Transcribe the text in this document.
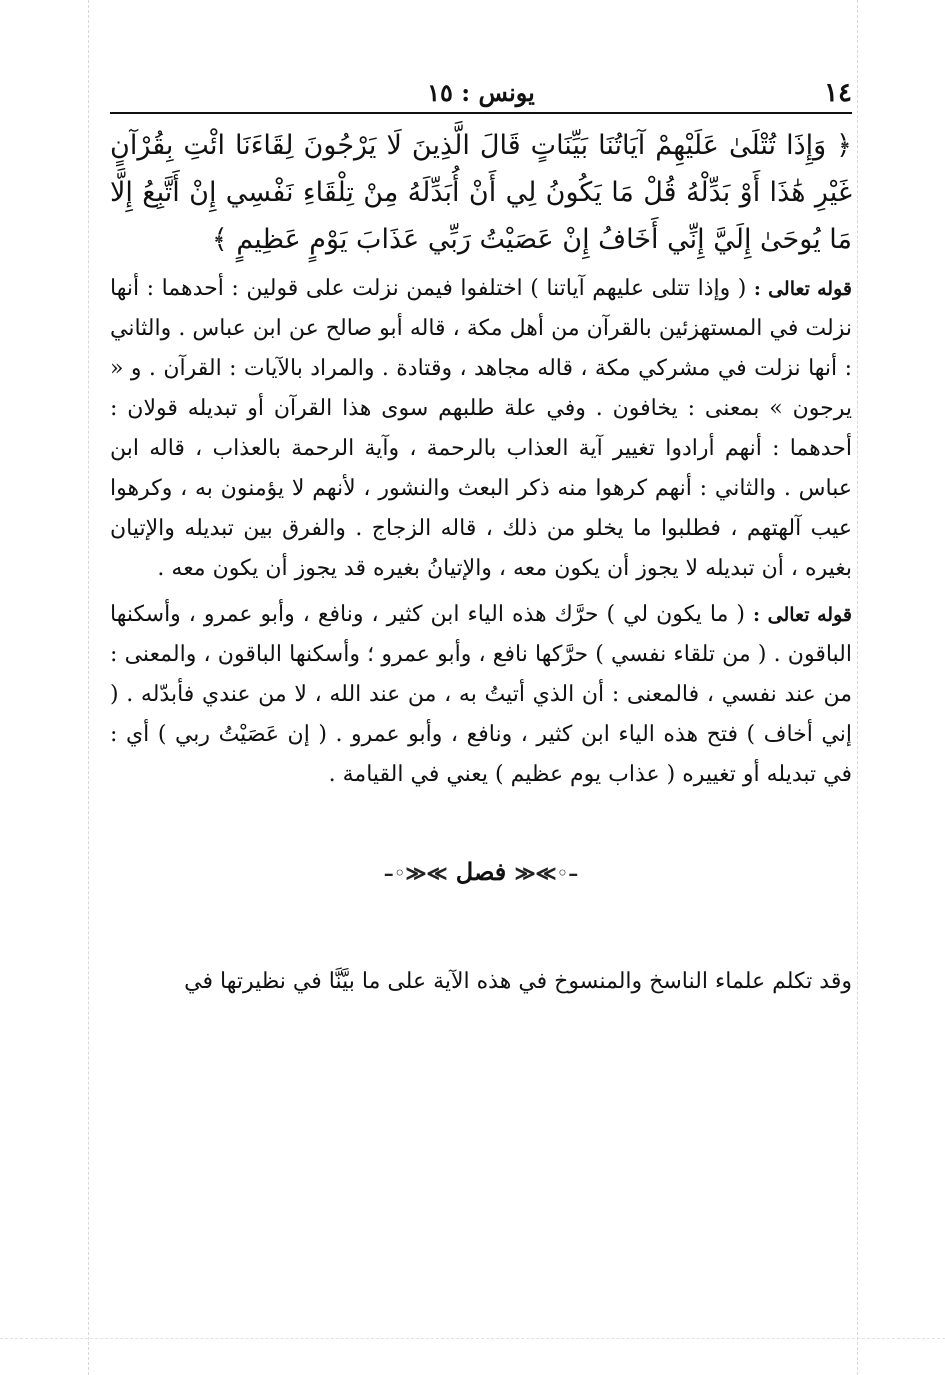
١٤
يونس : ١٥

﴿ وَإِذَا تُتْلَىٰ عَلَيْهِمْ آيَاتُنَا بَيِّنَاتٍ قَالَ الَّذِينَ لَا يَرْجُونَ لِقَاءَنَا ائْتِ بِقُرْآنٍ غَيْرِ هَٰذَا أَوْ بَدِّلْهُ قُلْ مَا يَكُونُ لِي أَنْ أُبَدِّلَهُ مِنْ تِلْقَاءِ نَفْسِي إِنْ أَتَّبِعُ إِلَّا مَا يُوحَىٰ إِلَيَّ إِنِّي أَخَافُ إِنْ عَصَيْتُ رَبِّي عَذَابَ يَوْمٍ عَظِيمٍ ﴾

قوله تعالى : ( وإذا تتلى عليهم آياتنا ) اختلفوا فيمن نزلت على قولين : أحدهما : أنها نزلت في المستهزئين بالقرآن من أهل مكة ، قاله أبو صالح عن ابن عباس . والثاني : أنها نزلت في مشركي مكة ، قاله مجاهد ، وقتادة . والمراد بالآيات : القرآن . و « يرجون » بمعنى : يخافون . وفي علة طلبهم سوى هذا القرآن أو تبديله قولان : أحدهما : أنهم أرادوا تغيير آية العذاب بالرحمة ، وآية الرحمة بالعذاب ، قاله ابن عباس . والثاني : أنهم كرهوا منه ذكر البعث والنشور ، لأنهم لا يؤمنون به ، وكرهوا عيب آلهتهم ، فطلبوا ما يخلو من ذلك ، قاله الزجاج . والفرق بين تبديله والإتيان بغيره ، أن تبديله لا يجوز أن يكون معه ، والإتيانُ بغيره قد يجوز أن يكون معه .

قوله تعالى : ( ما يكون لي ) حرَّك هذه الياء ابن كثير ، ونافع ، وأبو عمرو ، وأسكنها الباقون . ( من تلقاء نفسي ) حرَّكها نافع ، وأبو عمرو ؛ وأسكنها الباقون ، والمعنى : من عند نفسي ، فالمعنى : أن الذي أتيتُ به ، من عند الله ، لا من عندي فأبدّله . ( إني أخاف ) فتح هذه الياء ابن كثير ، ونافع ، وأبو عمرو . ( إن عَصَيْتُ ربي ) أي : في تبديله أو تغييره ( عذاب يوم عظيم ) يعني في القيامة .

–◦≫≪ فصل ≫≪◦–

وقد تكلم علماء الناسخ والمنسوخ في هذه الآية على ما بيَّنَّا في نظيرتها في
